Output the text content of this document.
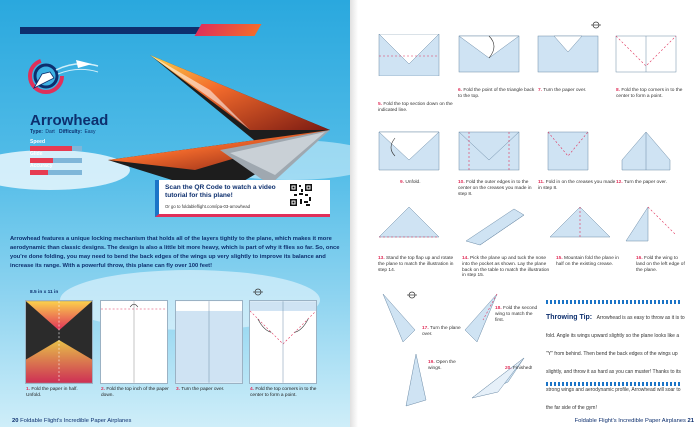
Arrowhead
Type: Dart Difficulty: Easy
Speed
Glide
Accuracy
Scan the QR Code to watch a video tutorial for this plane!
Or go to foldableflight.com/ipa-03-arrowhead
Arrowhead features a unique locking mechanism that holds all of the layers tightly to the plane, which makes it more aerodynamic than classic designs. The design is also a little bit more heavy, which is part of why it flies so far. So, once you're done folding, you may need to bend the back edges of the wings up very slightly to improve its balance and increase its range. With a powerful throw, this plane can fly over 100 feet!
8.5 in x 11 in
1. Fold the paper in half. Unfold.
2. Fold the top inch of the paper down.
3. Turn the paper over.	4. Fold the top corners in to the center to form a point.
20 Foldable Flight's Incredible Paper Airplanes
5. Fold the top section down on the indicated line.
6. Fold the point of the triangle back to the top.
7. Turn the paper over.	8. Fold the top corners in to the center to form a point.
9. Unfold.	10. Fold the outer edges in to the center on the creases you made in step 8.
11. Fold in on the creases you made in step 8.
12. Turn the paper over.
13. Stand the top flap up and rotate the plane to match the illustration in step 14.
14. Pick the plane up and tuck the nose into the pocket as shown. Lay the plane back on the table to match the illustration in step 15.
15. Mountain fold the plane in half on the existing crease.
16. Fold the wing to land on the left edge of the plane.
17. Turn the plane over.
18. Fold the second wing to match the first.
19. Open the wings.	20. Finished!
Throwing Tip: Arrowhead is as easy to throw as it is to fold. Angle its wings upward slightly so the plane looks like a "Y" from behind. Then bend the back edges of the wings up slightly, and throw it as hard as you can muster! Thanks to its strong wings and aerodynamic profile, Arrowhead will soar to the far side of the gym!
Foldable Flight's Incredible Paper Airplanes 21
